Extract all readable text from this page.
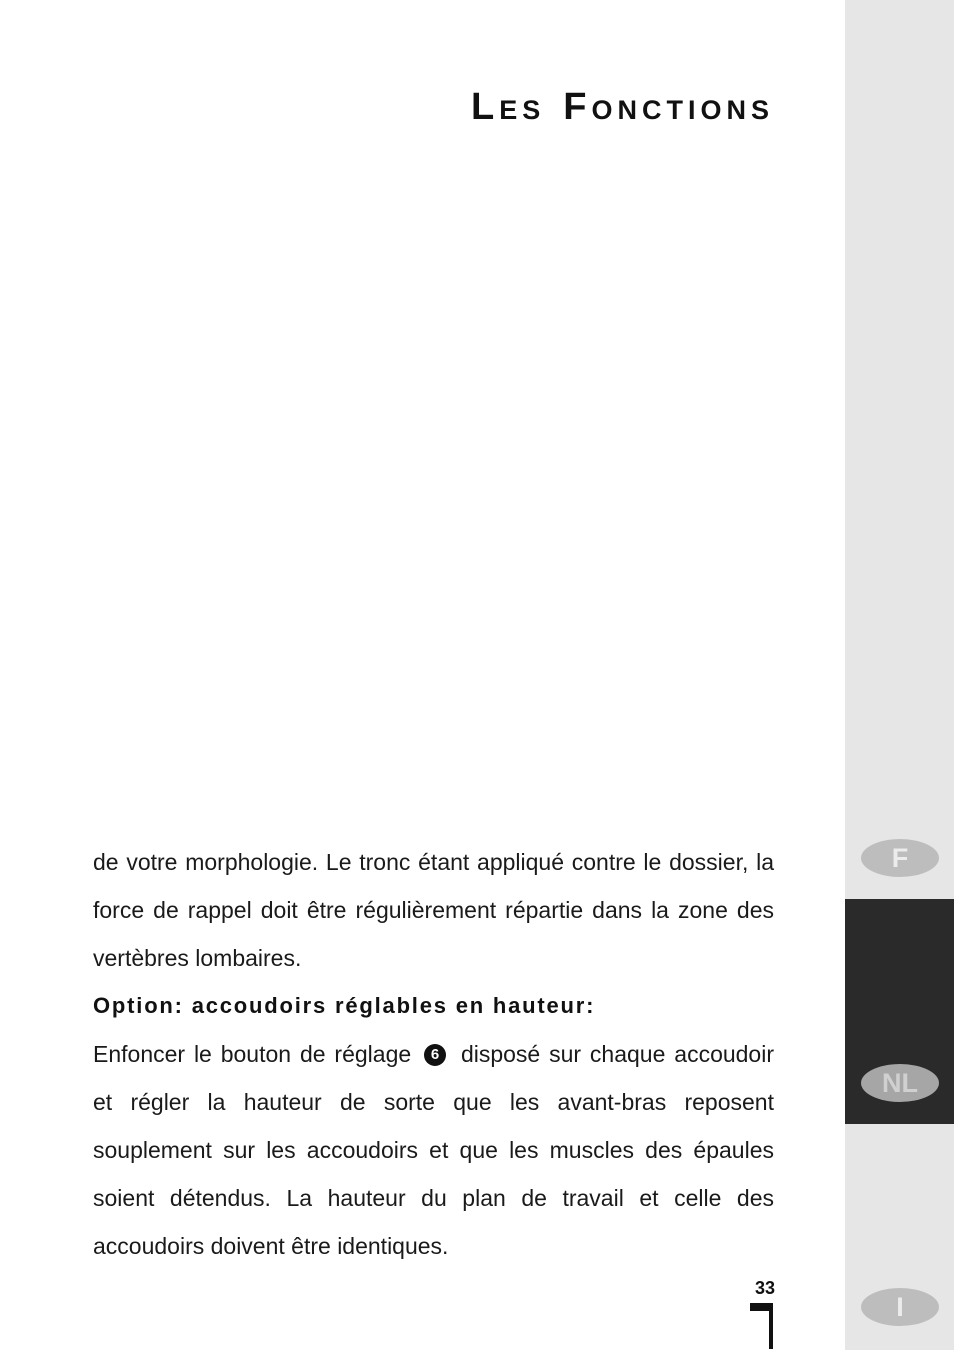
LES FONCTIONS

de votre morphologie. Le tronc étant appliqué contre le dossier, la force de rappel doit être régulièrement répartie dans la zone des vertèbres lombaires.

Option: accoudoirs réglables en hauteur:

Enfoncer le bouton de réglage 6 disposé sur chaque accoudoir et régler la hauteur de sorte que les avant-bras reposent souplement sur les accoudoirs et que les muscles des épaules soient détendus. La hauteur du plan de travail et celle des accoudoirs doivent être identiques.

F
NL
I
33
